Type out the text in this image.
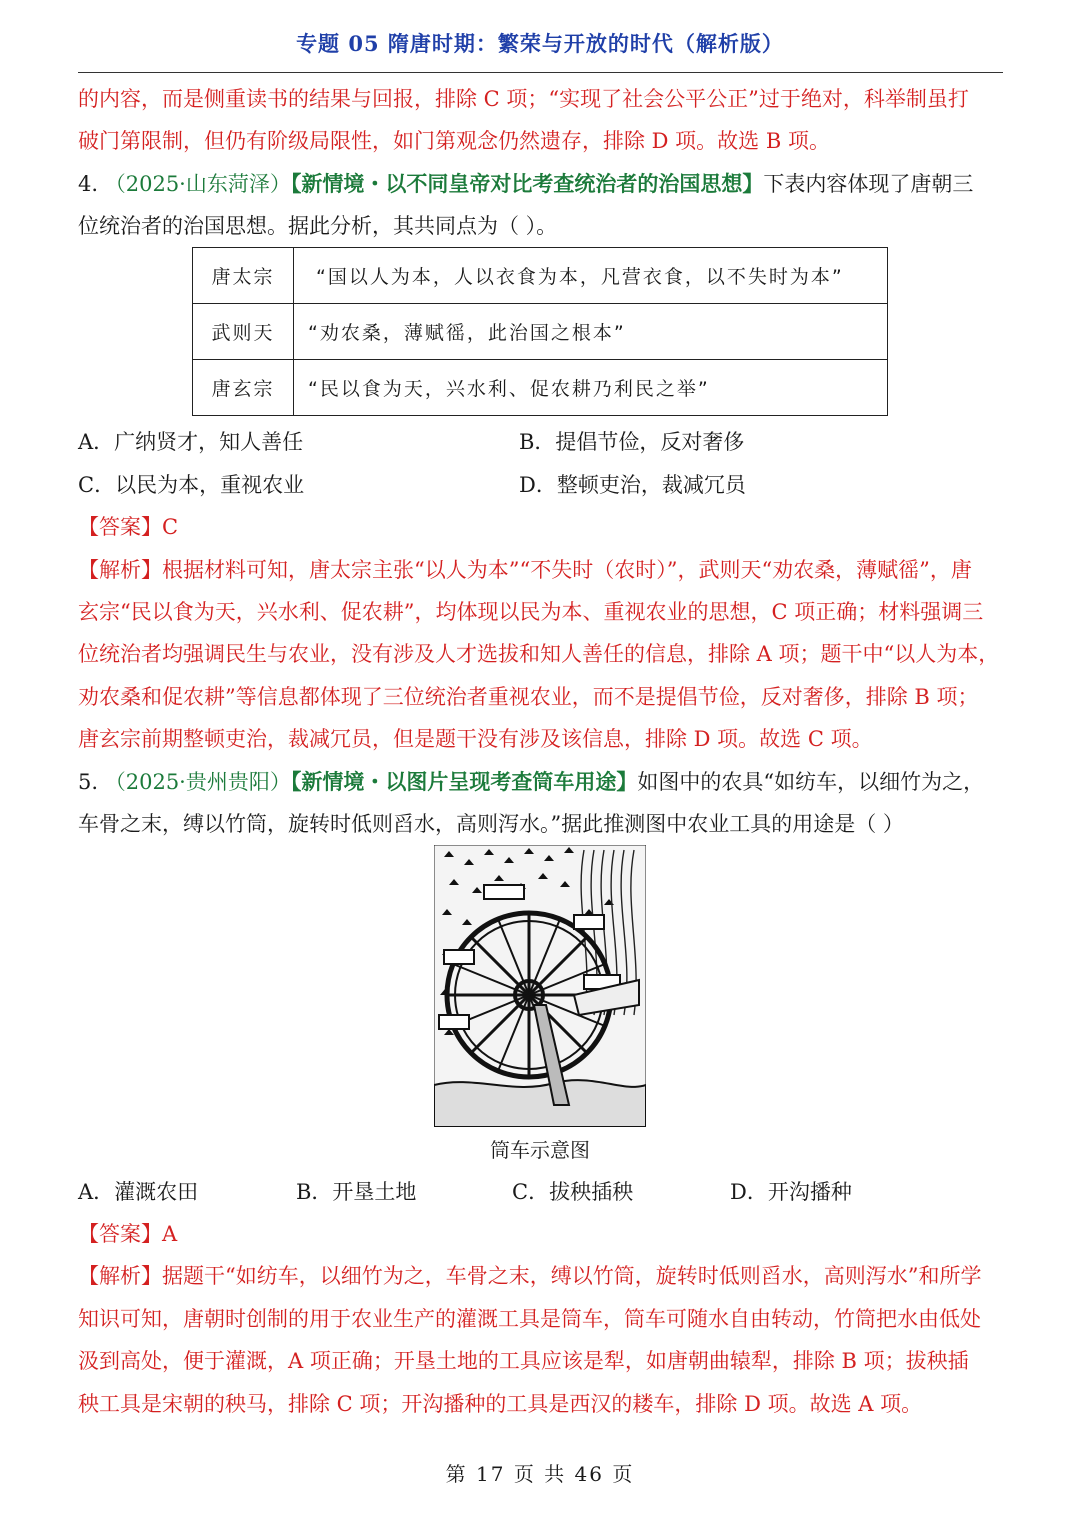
专题 05 隋唐时期：繁荣与开放的时代（解析版）
的内容，而是侧重读书的结果与回报，排除 C 项；“实现了社会公平公正”过于绝对，科举制虽打
破门第限制，但仍有阶级局限性，如门第观念仍然遗存，排除 D 项。故选 B 项。
4. （2025·山东菏泽）【新情境・以不同皇帝对比考查统治者的治国思想】下表内容体现了唐朝三
位统治者的治国思想。据此分析，其共同点为（ ）。
唐太宗	“国以人为本，人以衣食为本，凡营衣食，以不失时为本”
武则天	“劝农桑，薄赋徭，此治国之根本”
唐玄宗	“民以食为天，兴水利、促农耕乃利民之举”
A．广纳贤才，知人善任	B．提倡节俭，反对奢侈
C．以民为本，重视农业	D．整顿吏治，裁减冗员
【答案】C
【解析】根据材料可知，唐太宗主张“以人为本”“不失时（农时）”，武则天“劝农桑，薄赋徭”，唐
玄宗“民以食为天，兴水利、促农耕”，均体现以民为本、重视农业的思想，C 项正确；材料强调三
位统治者均强调民生与农业，没有涉及人才选拔和知人善任的信息，排除 A 项；题干中“以人为本，
劝农桑和促农耕”等信息都体现了三位统治者重视农业，而不是提倡节俭，反对奢侈，排除 B 项；
唐玄宗前期整顿吏治，裁减冗员，但是题干没有涉及该信息，排除 D 项。故选 C 项。
5. （2025·贵州贵阳）【新情境・以图片呈现考查筒车用途】如图中的农具“如纺车，以细竹为之，
车骨之末，缚以竹筒，旋转时低则舀水，高则泻水。”据此推测图中农业工具的用途是（ ）
筒车示意图
A．灌溉农田	B．开垦土地	C．拔秧插秧	D．开沟播种
【答案】A
【解析】据题干“如纺车，以细竹为之，车骨之末，缚以竹筒，旋转时低则舀水，高则泻水”和所学
知识可知，唐朝时创制的用于农业生产的灌溉工具是筒车，筒车可随水自由转动，竹筒把水由低处
汲到高处，便于灌溉，A 项正确；开垦土地的工具应该是犁，如唐朝曲辕犁，排除 B 项；拔秧插
秧工具是宋朝的秧马，排除 C 项；开沟播种的工具是西汉的耧车，排除 D 项。故选 A 项。
第 17 页 共 46 页
